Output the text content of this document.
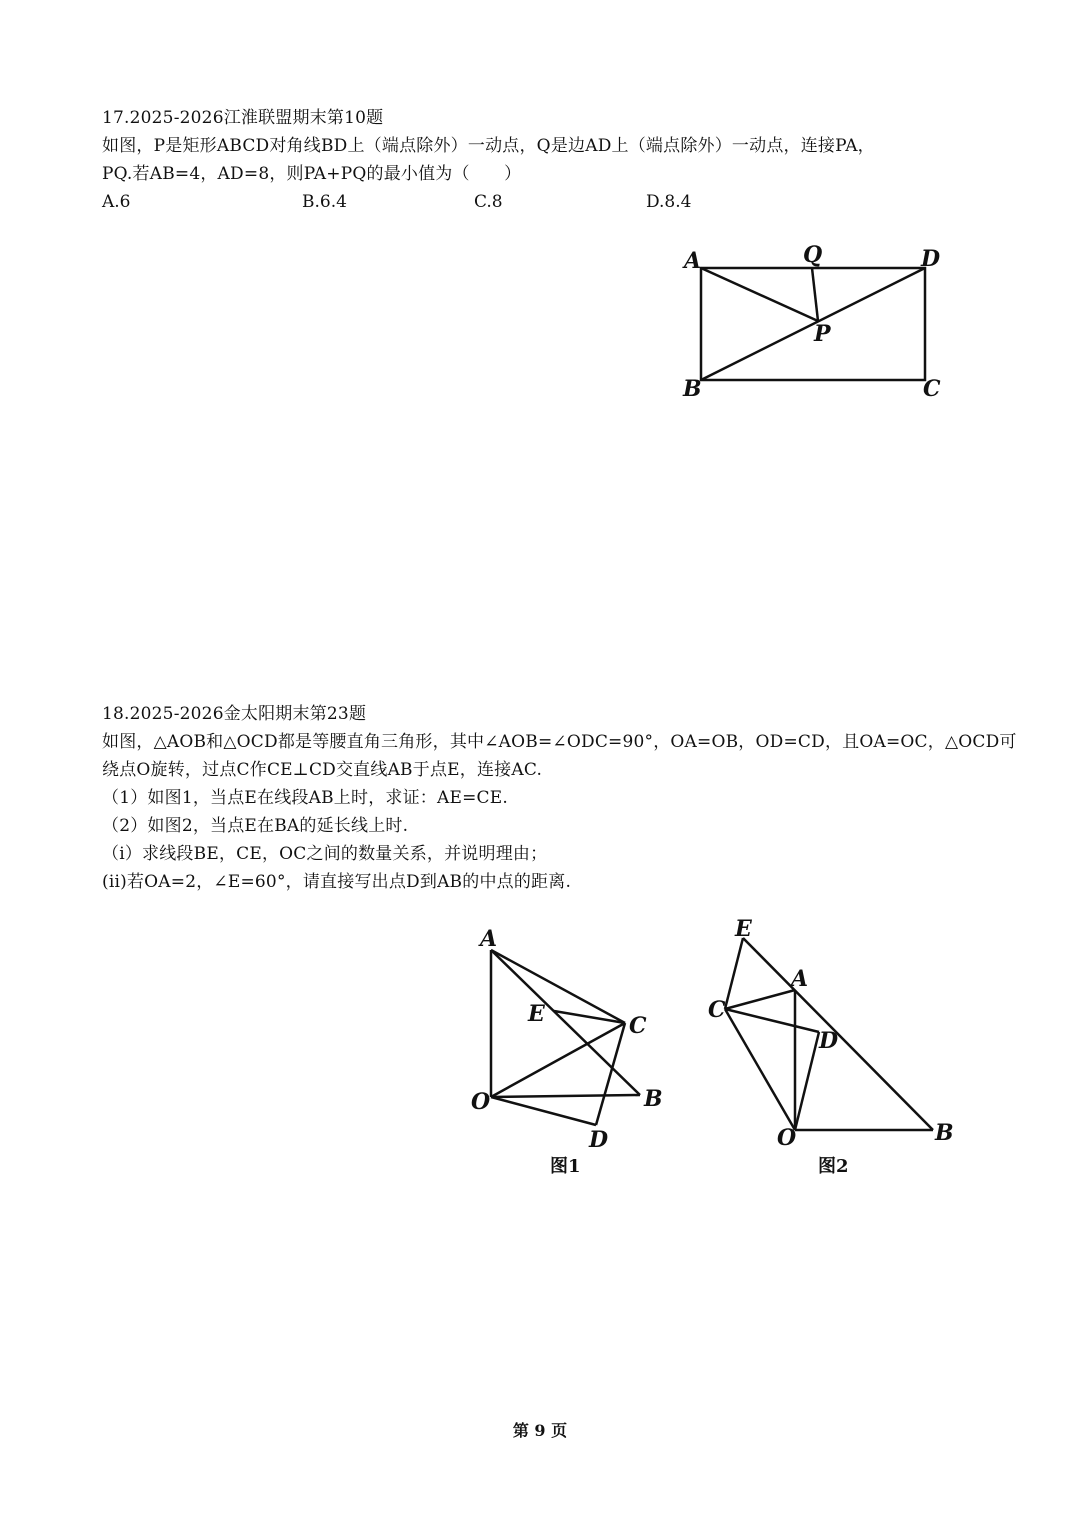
17.2025-2026江淮联盟期末第10题
如图，P是矩形ABCD对角线BD上（端点除外）一动点，Q是边AD上（端点除外）一动点，连接PA，
PQ.若AB=4，AD=8，则PA+PQ的最小值为（　　）
A.6	B.6.4	C.8	D.8.4
A	Q	D
P
B	C
18.2025-2026金太阳期末第23题
如图，△AOB和△OCD都是等腰直角三角形，其中∠AOB=∠ODC=90°，OA=OB，OD=CD，且OA=OC，△OCD可
绕点O旋转，过点C作CE⊥CD交直线AB于点E，连接AC.
（1）如图1，当点E在线段AB上时，求证：AE=CE.
（2）如图2，当点E在BA的延长线上时.
（i）求线段BE，CE，OC之间的数量关系，并说明理由；
(ii)若OA=2，∠E=60°，请直接写出点D到AB的中点的距离.
A
E	C
O	B
D
图1
E
A
C
D
O	B
图2
第 9 页
